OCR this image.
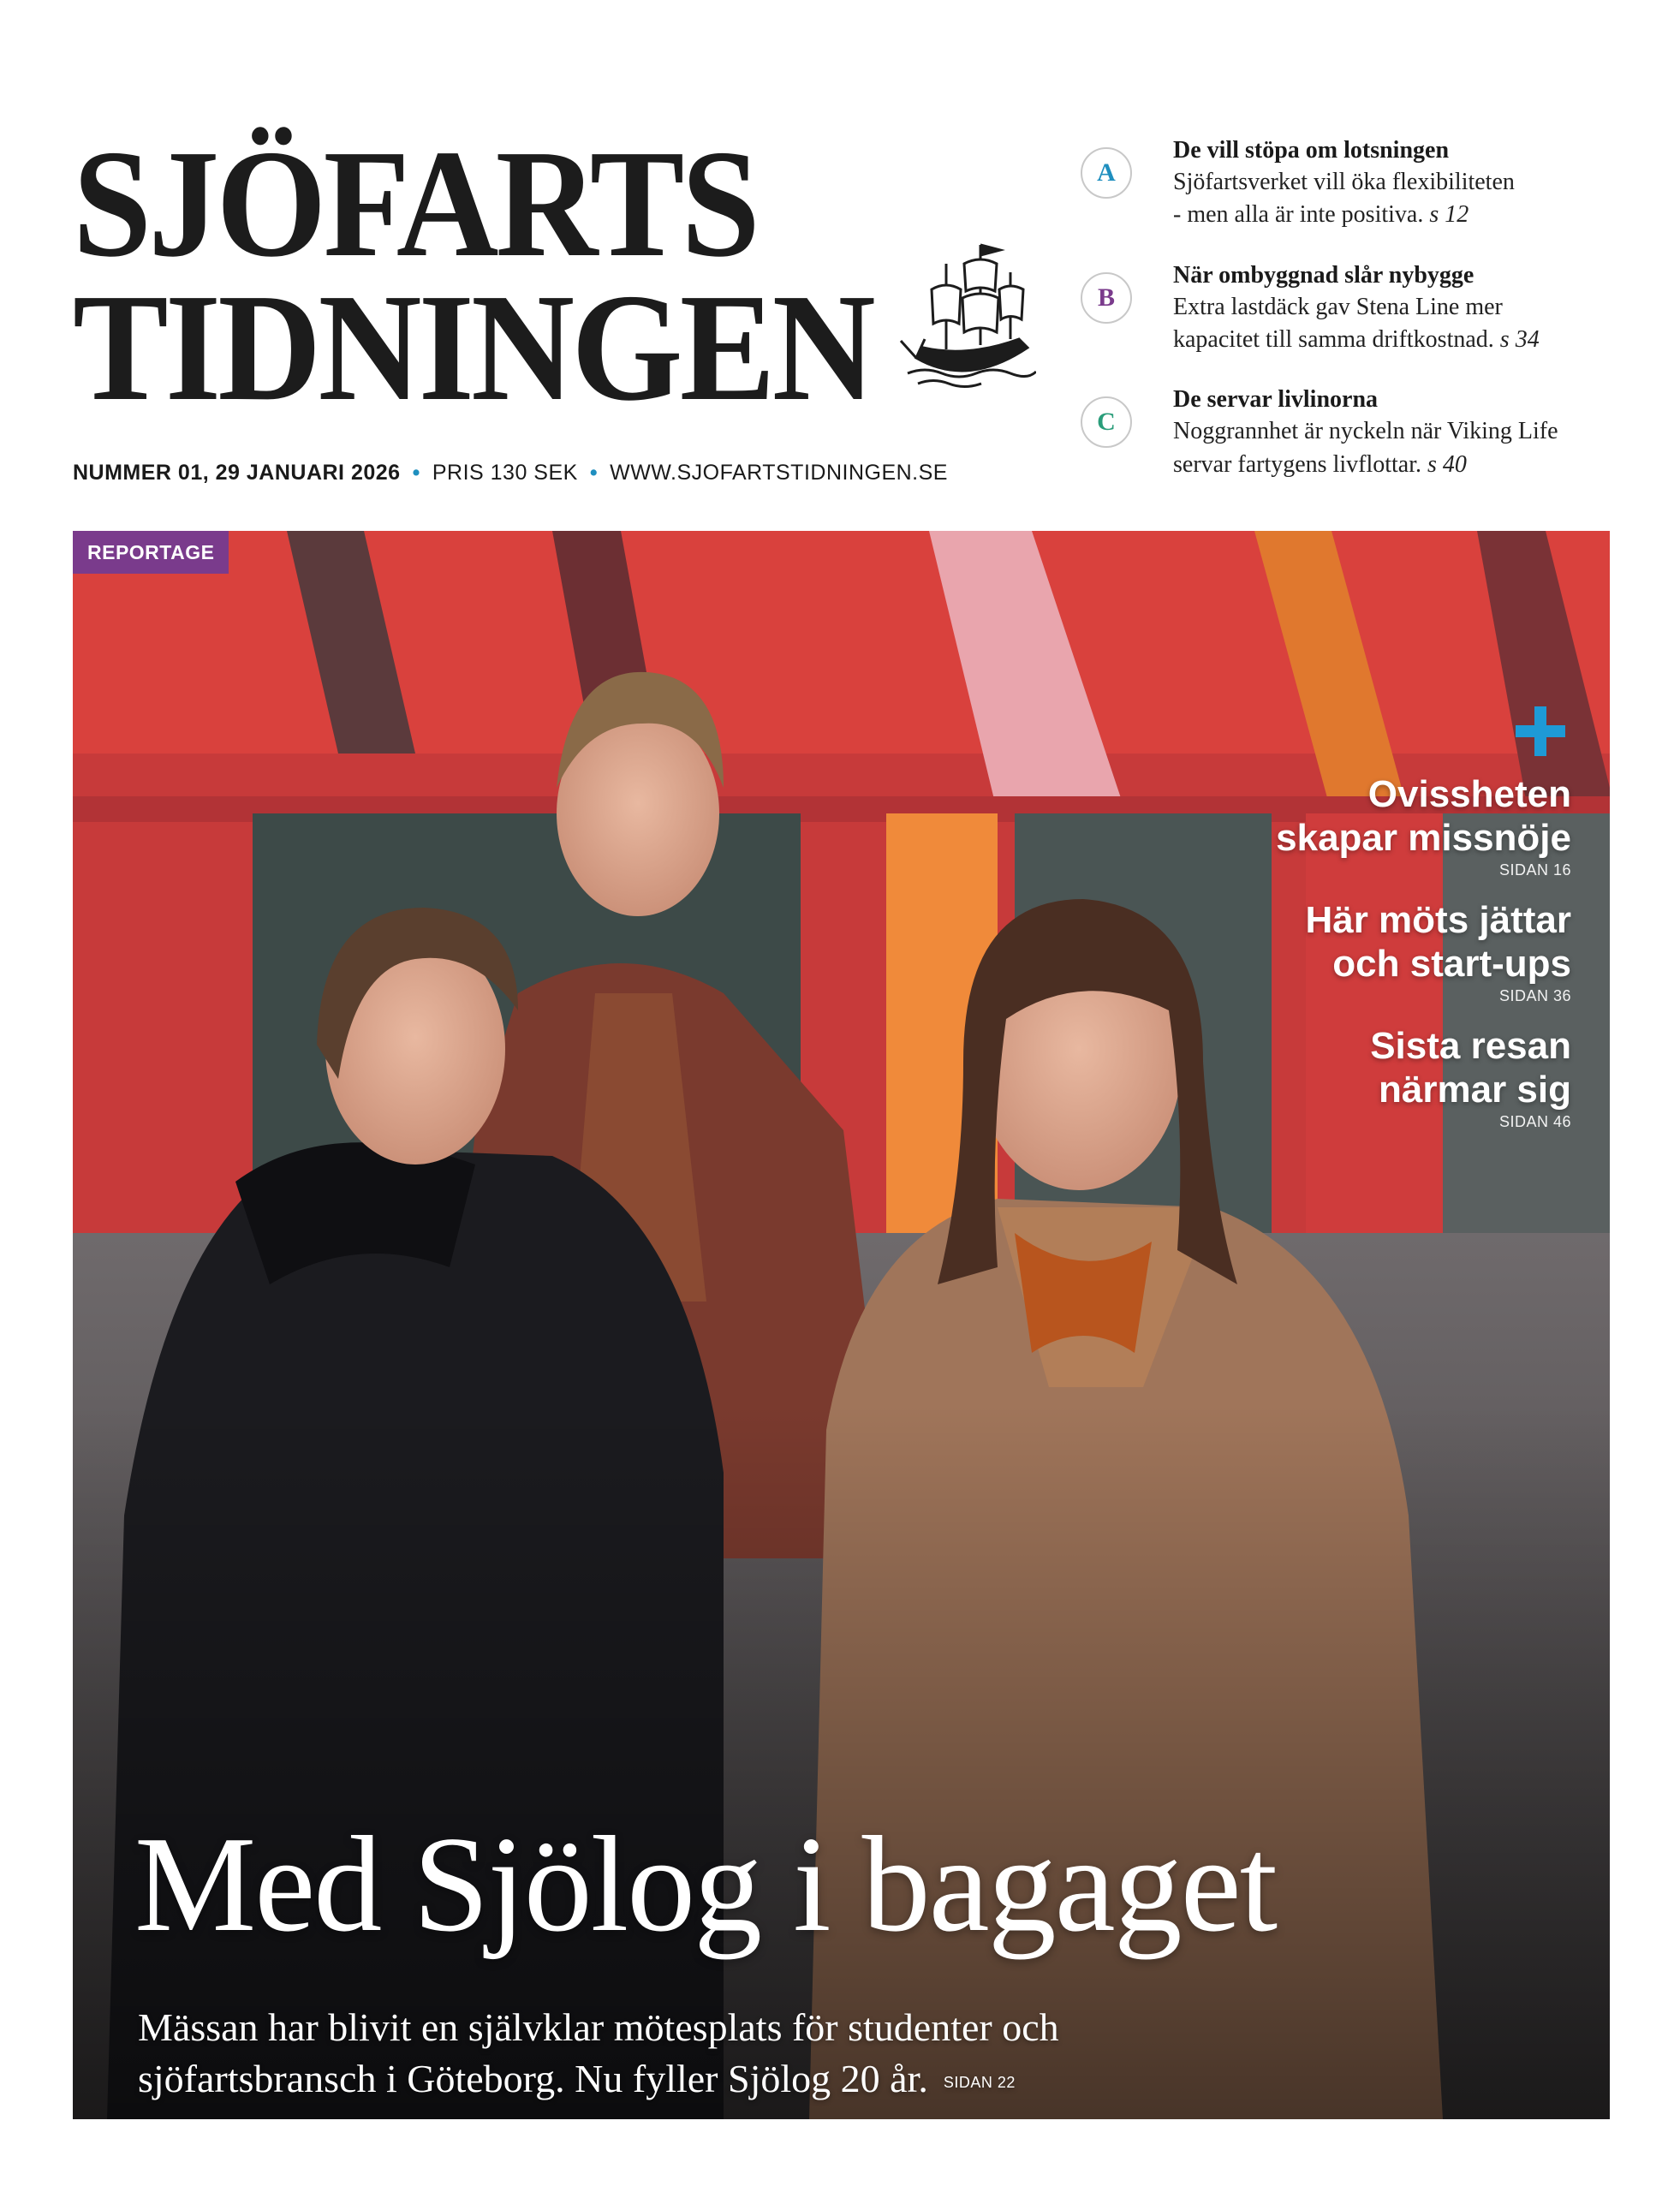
SJÖFARTS
TIDNINGEN
NUMMER 01, 29 JANUARI 2026 • PRIS 130 SEK • WWW.SJOFARTSTIDNINGEN.SE
A
De vill stöpa om lotsningen
Sjöfartsverket vill öka flexibiliteten
- men alla är inte positiva. s 12
B
När ombyggnad slår nybygge
Extra lastdäck gav Stena Line mer
kapacitet till samma driftkostnad. s 34
C
De servar livlinorna
Noggrannhet är nyckeln när Viking Life
servar fartygens livflottar. s 40
REPORTAGE
Ovissheten
skapar missnöje
SIDAN 16
Här möts jättar
och start-ups
SIDAN 36
Sista resan
närmar sig
SIDAN 46
Med Sjölog i bagaget
Mässan har blivit en självklar mötesplats för studenter och
sjöfartsbransch i Göteborg. Nu fyller Sjölog 20 år. SIDAN 22
